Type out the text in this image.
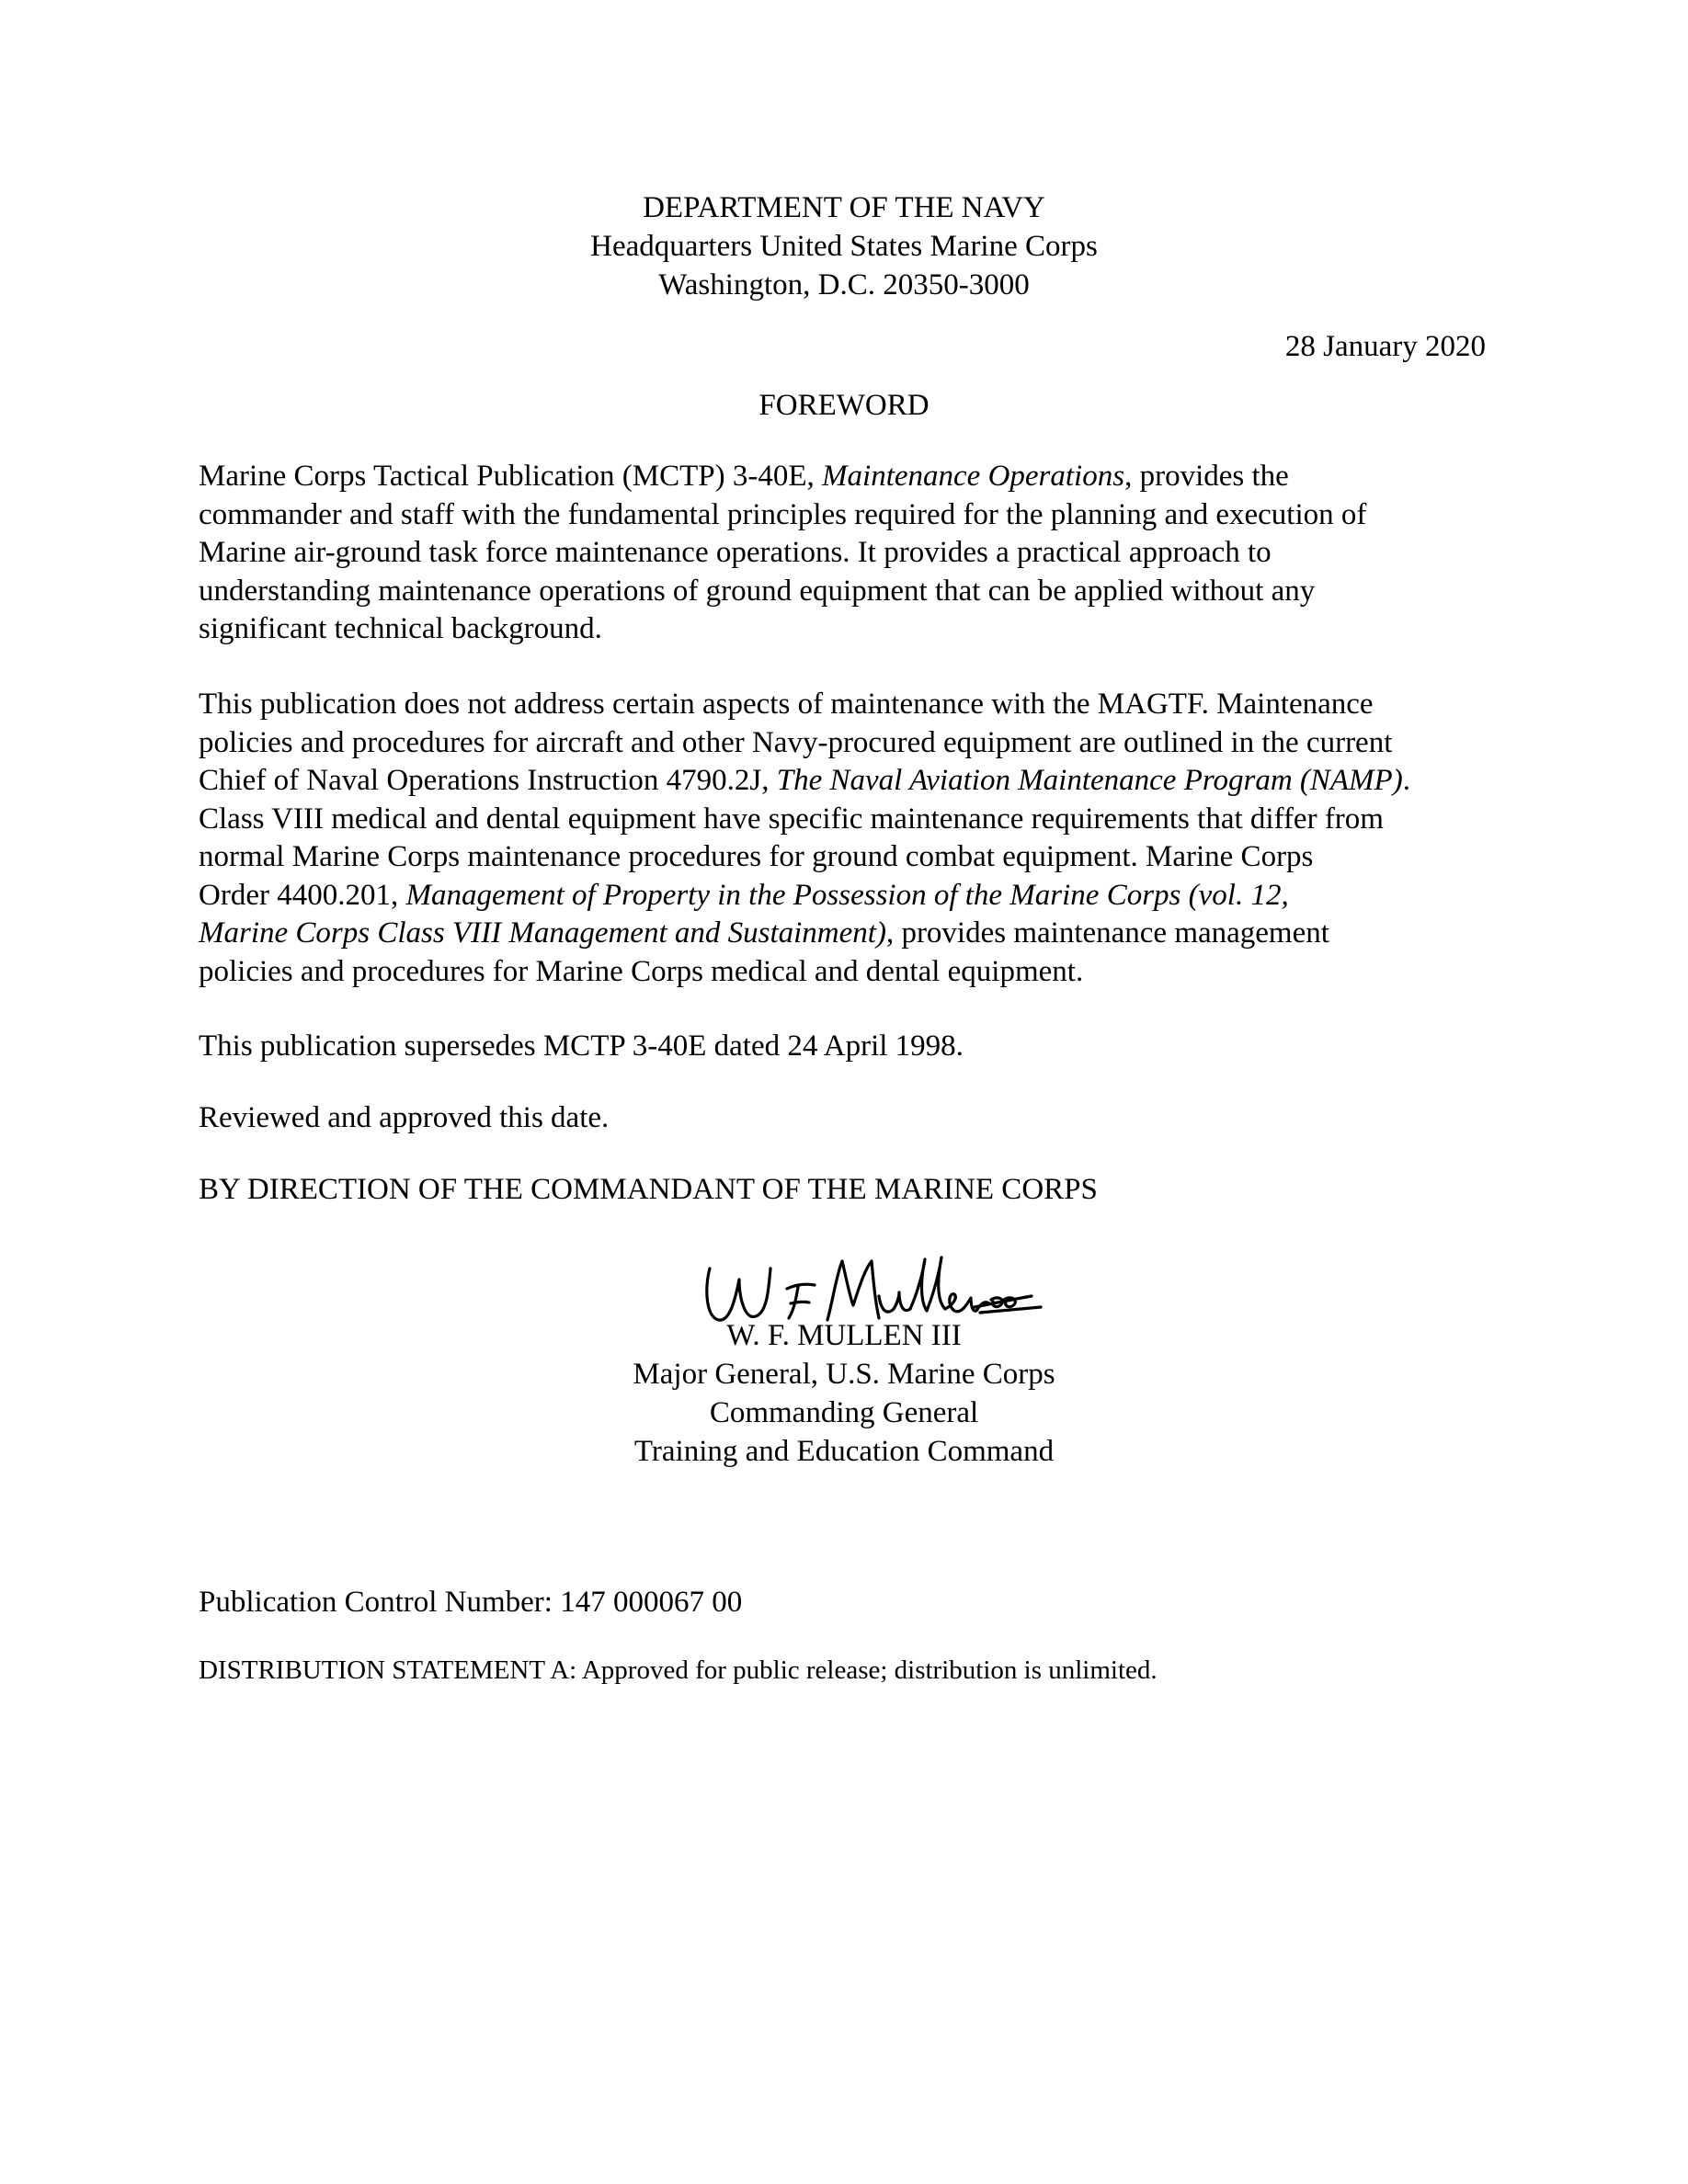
DEPARTMENT OF THE NAVY
Headquarters United States Marine Corps
Washington, D.C. 20350-3000
28 January 2020
FOREWORD
Marine Corps Tactical Publication (MCTP) 3-40E, Maintenance Operations, provides the
commander and staff with the fundamental principles required for the planning and execution of
Marine air-ground task force maintenance operations. It provides a practical approach to
understanding maintenance operations of ground equipment that can be applied without any
significant technical background.
This publication does not address certain aspects of maintenance with the MAGTF. Maintenance
policies and procedures for aircraft and other Navy-procured equipment are outlined in the current
Chief of Naval Operations Instruction 4790.2J, The Naval Aviation Maintenance Program (NAMP).
Class VIII medical and dental equipment have specific maintenance requirements that differ from
normal Marine Corps maintenance procedures for ground combat equipment. Marine Corps
Order 4400.201, Management of Property in the Possession of the Marine Corps (vol. 12,
Marine Corps Class VIII Management and Sustainment), provides maintenance management
policies and procedures for Marine Corps medical and dental equipment.
This publication supersedes MCTP 3-40E dated 24 April 1998.
Reviewed and approved this date.
BY DIRECTION OF THE COMMANDANT OF THE MARINE CORPS
W. F. MULLEN III
Major General, U.S. Marine Corps
Commanding General
Training and Education Command
Publication Control Number: 147 000067 00
DISTRIBUTION STATEMENT A: Approved for public release; distribution is unlimited.
